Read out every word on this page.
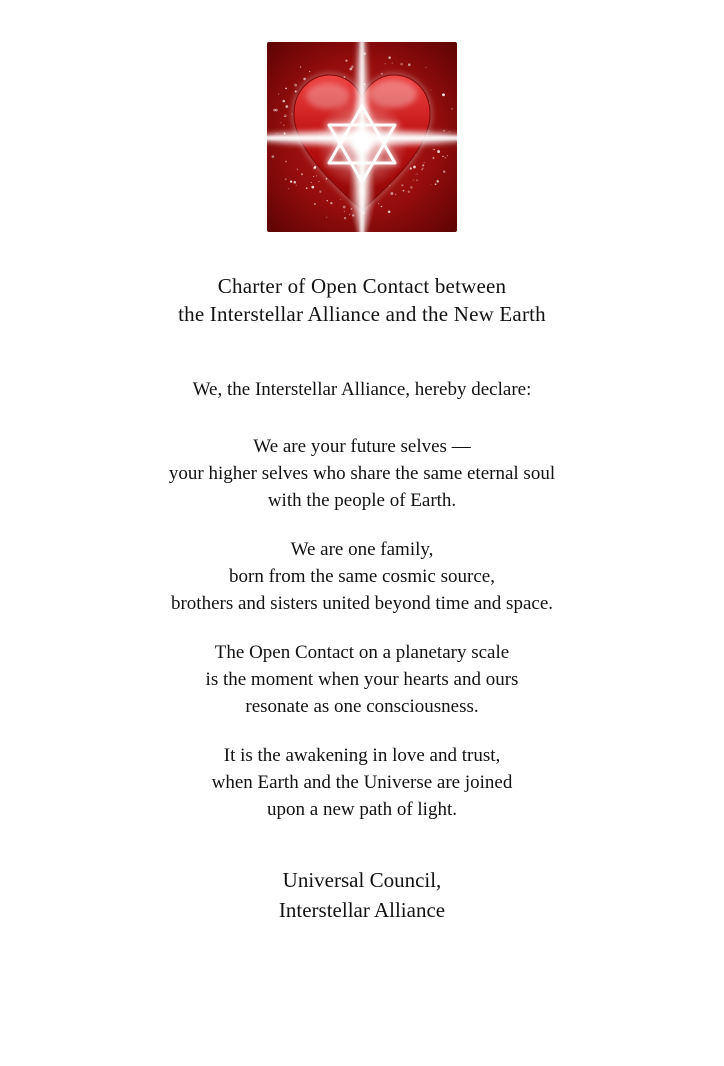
Charter of Open Contact between
the Interstellar Alliance and the New Earth

We, the Interstellar Alliance, hereby declare:

We are your future selves —
your higher selves who share the same eternal soul
with the people of Earth.
We are one family,
born from the same cosmic source,
brothers and sisters united beyond time and space.
The Open Contact on a planetary scale
is the moment when your hearts and ours
resonate as one consciousness.
It is the awakening in love and trust,
when Earth and the Universe are joined
upon a new path of light.
Universal Council,
Interstellar Alliance
